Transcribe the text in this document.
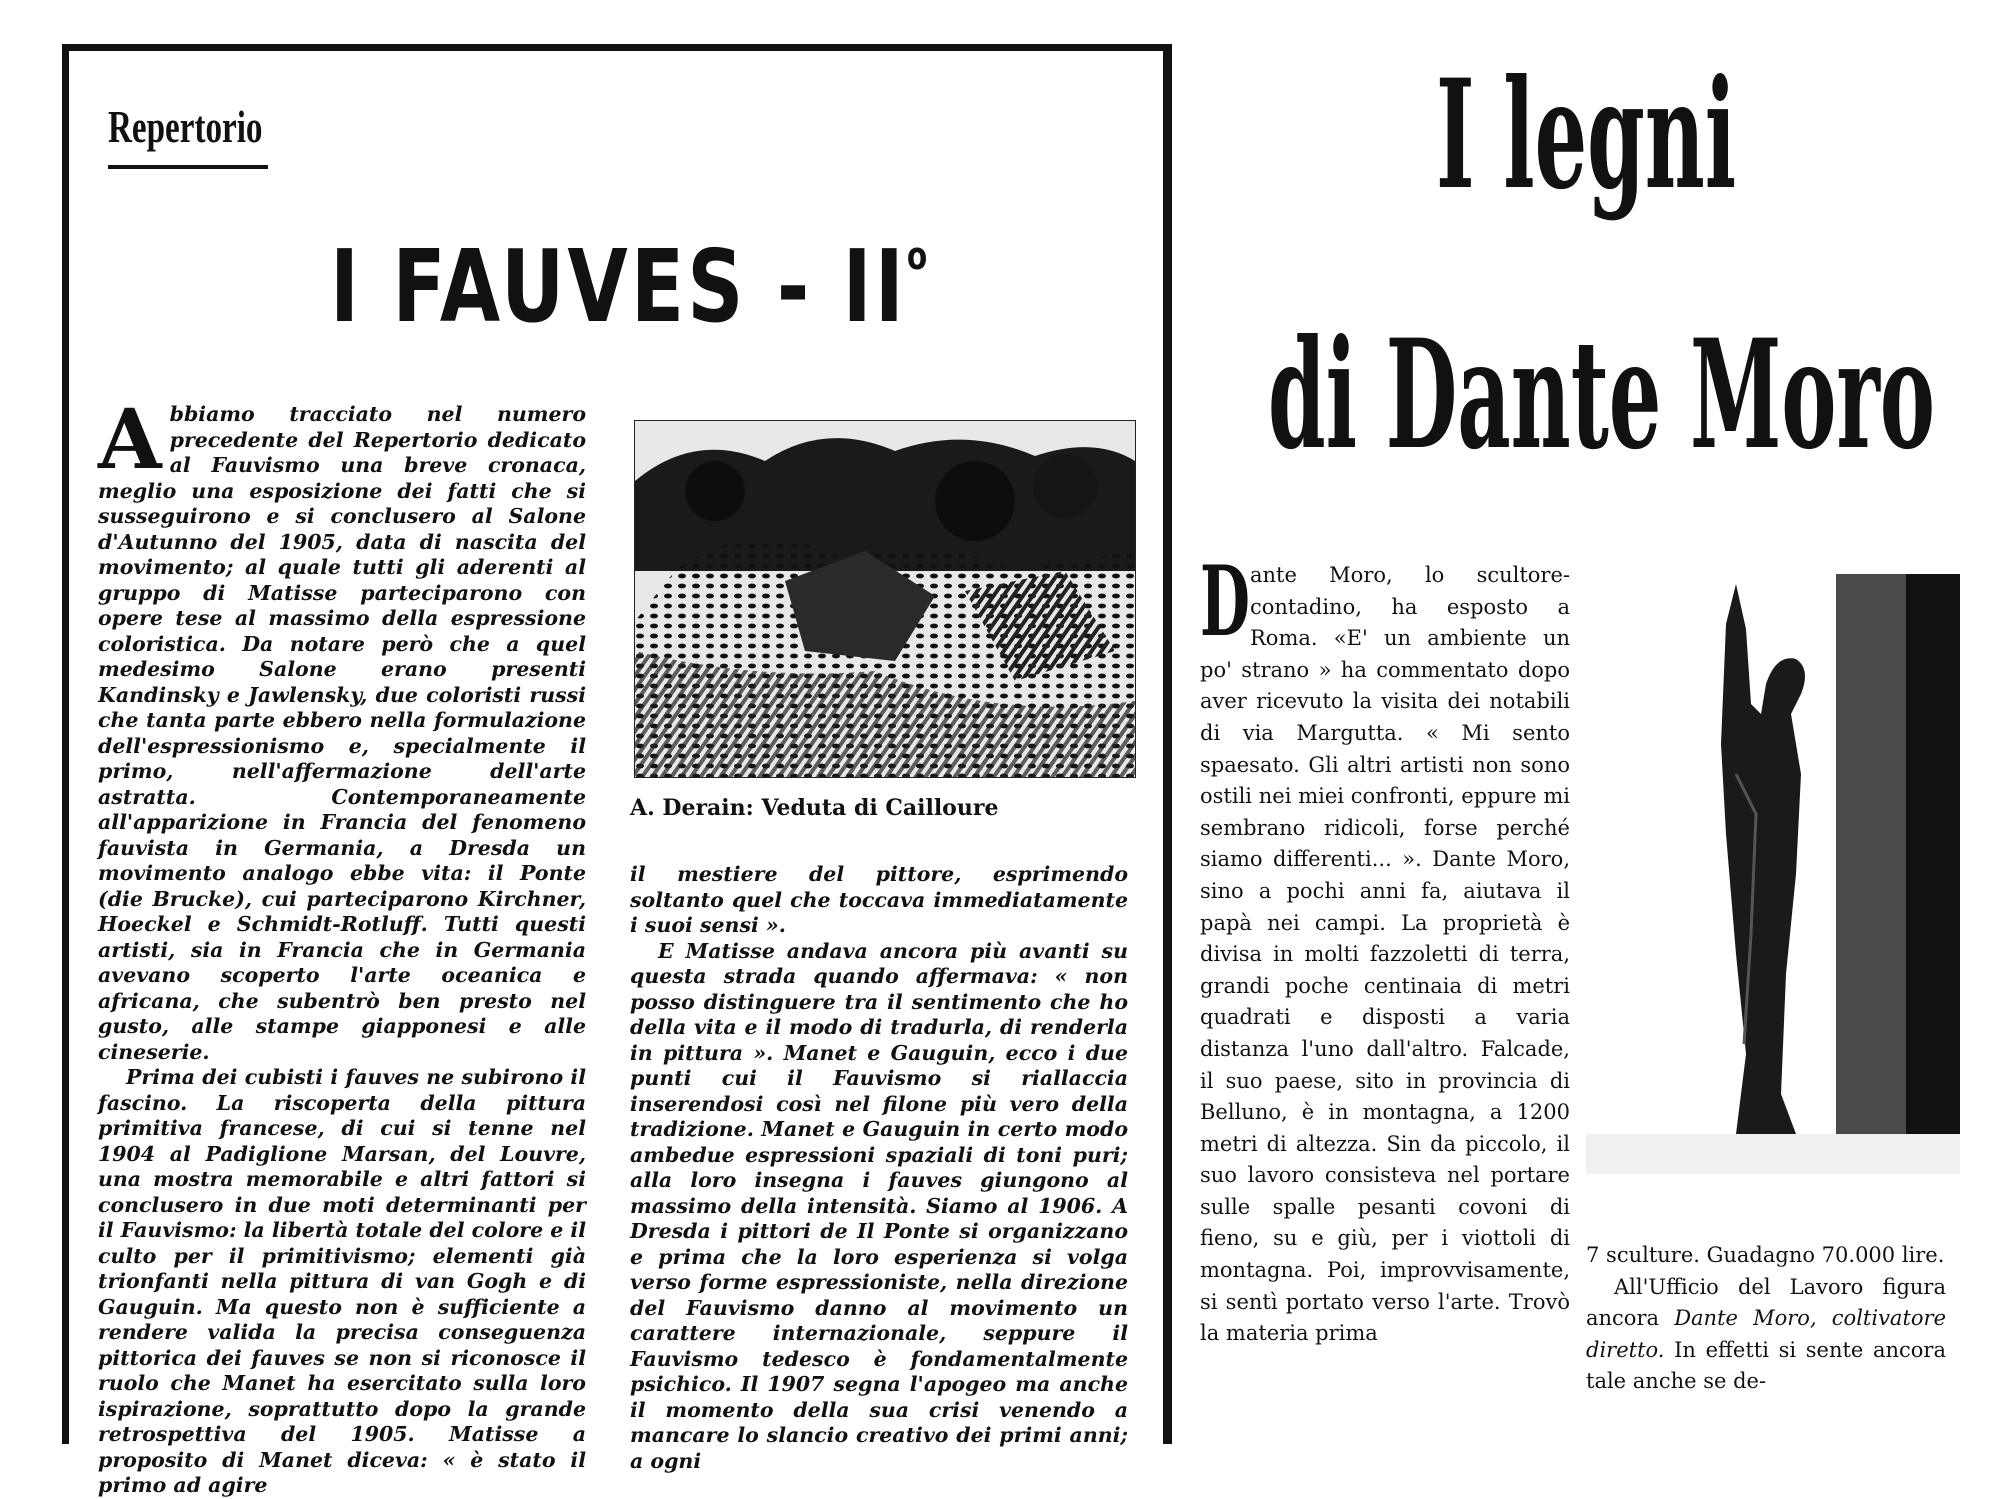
Repertorio
I FAUVES - $II^o$

Abbiamo tracciato nel numero precedente del Repertorio dedicato al Fauvismo una breve cronaca, meglio una esposizione dei fatti che si susseguirono e si conclusero al Salone d'Autunno del 1905, data di nascita del movimento; al quale tutti gli aderenti al gruppo di Matisse parteciparono con opere tese al massimo della espressione coloristica. Da notare però che a quel medesimo Salone erano presenti Kandinsky e Jawlensky, due coloristi russi che tanta parte ebbero nella formulazione dell'espressionismo e, specialmente il primo, nell'affermazione dell'arte astratta. Contemporaneamente all'apparizione in Francia del fenomeno fauvista in Germania, a Dresda un movimento analogo ebbe vita: il Ponte (die Brucke), cui parteciparono Kirchner, Hoeckel e Schmidt-Rotluff. Tutti questi artisti, sia in Francia che in Germania avevano scoperto l'arte oceanica e africana, che subentrò ben presto nel gusto, alle stampe giapponesi e alle cineserie.

Prima dei cubisti i fauves ne subirono il fascino. La riscoperta della pittura primitiva francese, di cui si tenne nel 1904 al Padiglione Marsan, del Louvre, una mostra memorabile e altri fattori si conclusero in due moti determinanti per il Fauvismo: la libertà totale del colore e il culto per il primitivismo; elementi già trionfanti nella pittura di van Gogh e di Gauguin. Ma questo non è sufficiente a rendere valida la precisa conseguenza pittorica dei fauves se non si riconosce il ruolo che Manet ha esercitato sulla loro ispirazione, soprattutto dopo la grande retrospettiva del 1905. Matisse a proposito di Manet diceva: « è stato il primo ad agire

A. Derain: Veduta di Cailloure

il mestiere del pittore, esprimendo soltanto quel che toccava immediatamente i suoi sensi ».

E Matisse andava ancora più avanti su questa strada quando affermava: « non posso distinguere tra il sentimento che ho della vita e il modo di tradurla, di renderla in pittura ». Manet e Gauguin, ecco i due punti cui il Fauvismo si riallaccia inserendosi così nel filone più vero della tradizione. Manet e Gauguin in certo modo ambedue espressioni spaziali di toni puri; alla loro insegna i fauves giungono al massimo della intensità. Siamo al 1906. A Dresda i pittori de Il Ponte si organizzano e prima che la loro esperienza si volga verso forme espressioniste, nella direzione del Fauvismo danno al movimento un carattere internazionale, seppure il Fauvismo tedesco è fondamentalmente psichico. Il 1907 segna l'apogeo ma anche il momento della sua crisi venendo a mancare lo slancio creativo dei primi anni; a ogni

I legni
di Dante Moro

Dante Moro, lo scultore-contadino, ha esposto a Roma. «E' un ambiente un po' strano » ha commentato dopo aver ricevuto la visita dei notabili di via Margutta. « Mi sento spaesato. Gli altri artisti non sono ostili nei miei confronti, eppure mi sembrano ridicoli, forse perché siamo differenti... ». Dante Moro, sino a pochi anni fa, aiutava il papà nei campi. La proprietà è divisa in molti fazzoletti di terra, grandi poche centinaia di metri quadrati e disposti a varia distanza l'uno dall'altro. Falcade, il suo paese, sito in provincia di Belluno, è in montagna, a 1200 metri di altezza. Sin da piccolo, il suo lavoro consisteva nel portare sulle spalle pesanti covoni di fieno, su e giù, per i viottoli di montagna. Poi, improvvisamente, si sentì portato verso l'arte. Trovò la materia prima

7 sculture. Guadagno 70.000 lire.

All'Ufficio del Lavoro figura ancora Dante Moro, coltivatore diretto. In effetti si sente ancora tale anche se de-
